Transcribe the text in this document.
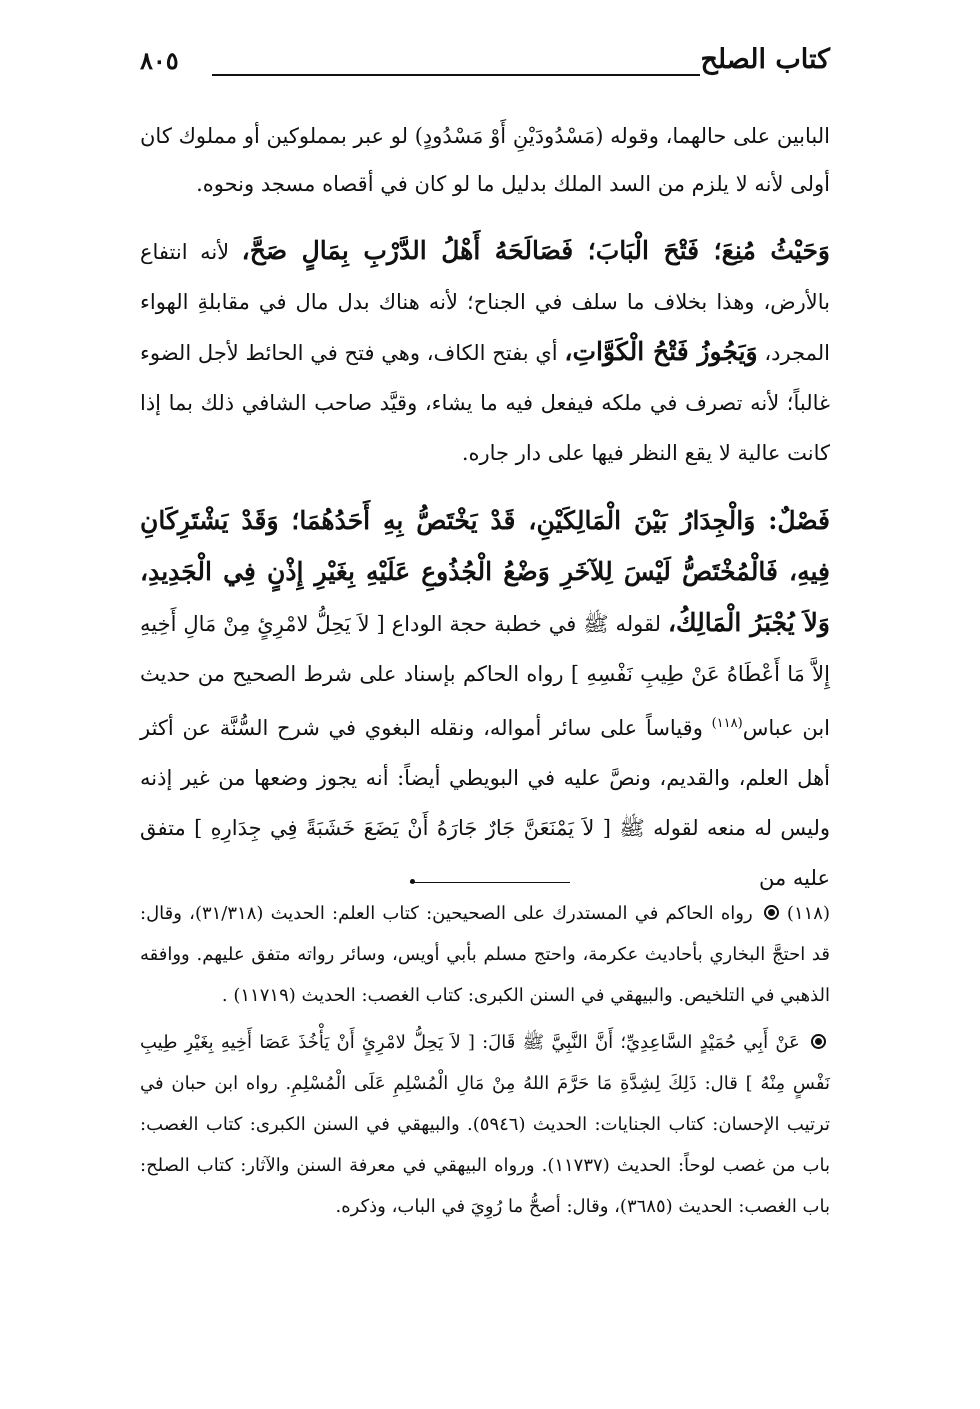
كتاب الصلح
٨٠٥

البابين على حالهما، وقوله (مَسْدُودَيْنِ أَوْ مَسْدُودٍ) لو عبر بمملوكين أو مملوك كان أولى لأنه لا يلزم من السد الملك بدليل ما لو كان في أقصاه مسجد ونحوه.

وَحَيْثُ مُنِعَ؛ فَتْحَ الْبَابَ؛ فَصَالَحَهُ أَهْلُ الدَّرْبِ بِمَالٍ صَحَّ، لأنه انتفاع بالأرض، وهذا بخلاف ما سلف في الجناح؛ لأنه هناك بدل مال في مقابلةِ الهواء المجرد، وَيَجُوزُ فَتْحُ الْكَوَّاتِ، أي بفتح الكاف، وهي فتح في الحائط لأجل الضوء غالباً؛ لأنه تصرف في ملكه فيفعل فيه ما يشاء، وقيَّد صاحب الشافي ذلك بما إذا كانت عالية لا يقع النظر فيها على دار جاره.

فَصْلٌ: وَالْجِدَارُ بَيْنَ الْمَالِكَيْنِ، قَدْ يَخْتَصُّ بِهِ أَحَدُهُمَا؛ وَقَدْ يَشْتَرِكَانِ فِيهِ، فَالْمُخْتَصُّ لَيْسَ لِلآخَرِ وَضْعُ الْجُذُوعِ عَلَيْهِ بِغَيْرِ إِذْنٍ فِي الْجَدِيدِ، وَلاَ يُجْبَرُ الْمَالِكُ، لقوله ﷺ في خطبة حجة الوداع [ لاَ يَحِلُّ لامْرِئٍ مِنْ مَالِ أَخِيهِ إِلاَّ مَا أَعْطَاهُ عَنْ طِيبِ نَفْسِهِ ] رواه الحاكم بإسناد على شرط الصحيح من حديث ابن عباس$^{(١١٨)}$ وقياساً على سائر أمواله، ونقله البغوي في شرح السُّنَّة عن أكثر أهل العلم، والقديم، ونصَّ عليه في البويطي أيضاً: أنه يجوز وضعها من غير إذنه وليس له منعه لقوله ﷺ [ لاَ يَمْنَعَنَّ جَارٌ جَارَهُ أَنْ يَضَعَ خَشَبَةً فِي جِدَارِهِ ] متفق عليه من

(١١٨) رواه الحاكم في المستدرك على الصحيحين: كتاب العلم: الحديث (٣١/٣١٨)، وقال: قد احتجَّ البخاري بأحاديث عكرمة، واحتج مسلم بأبي أويس، وسائر رواته متفق عليهم. ووافقه الذهبي في التلخيص. والبيهقي في السنن الكبرى: كتاب الغصب: الحديث (١١٧١٩) .

عَنْ أَبِي حُمَيْدٍ السَّاعِدِيِّ؛ أَنَّ النَّبِيَّ ﷺ قَالَ: [ لاَ يَحِلُّ لامْرِئٍ أَنْ يَأْخُذَ عَصَا أَخِيهِ بِغَيْرِ طِيبِ نَفْسٍ مِنْهُ ] قال: ذَلِكَ لِشِدَّةِ مَا حَرَّمَ اللهُ مِنْ مَالِ الْمُسْلِمِ عَلَى الْمُسْلِمِ. رواه ابن حبان في ترتيب الإحسان: كتاب الجنايات: الحديث (٥٩٤٦). والبيهقي في السنن الكبرى: كتاب الغصب: باب من غصب لوحاً: الحديث (١١٧٣٧). ورواه البيهقي في معرفة السنن والآثار: كتاب الصلح: باب الغصب: الحديث (٣٦٨٥)، وقال: أصحُّ ما رُوِيَ في الباب، وذكره.
